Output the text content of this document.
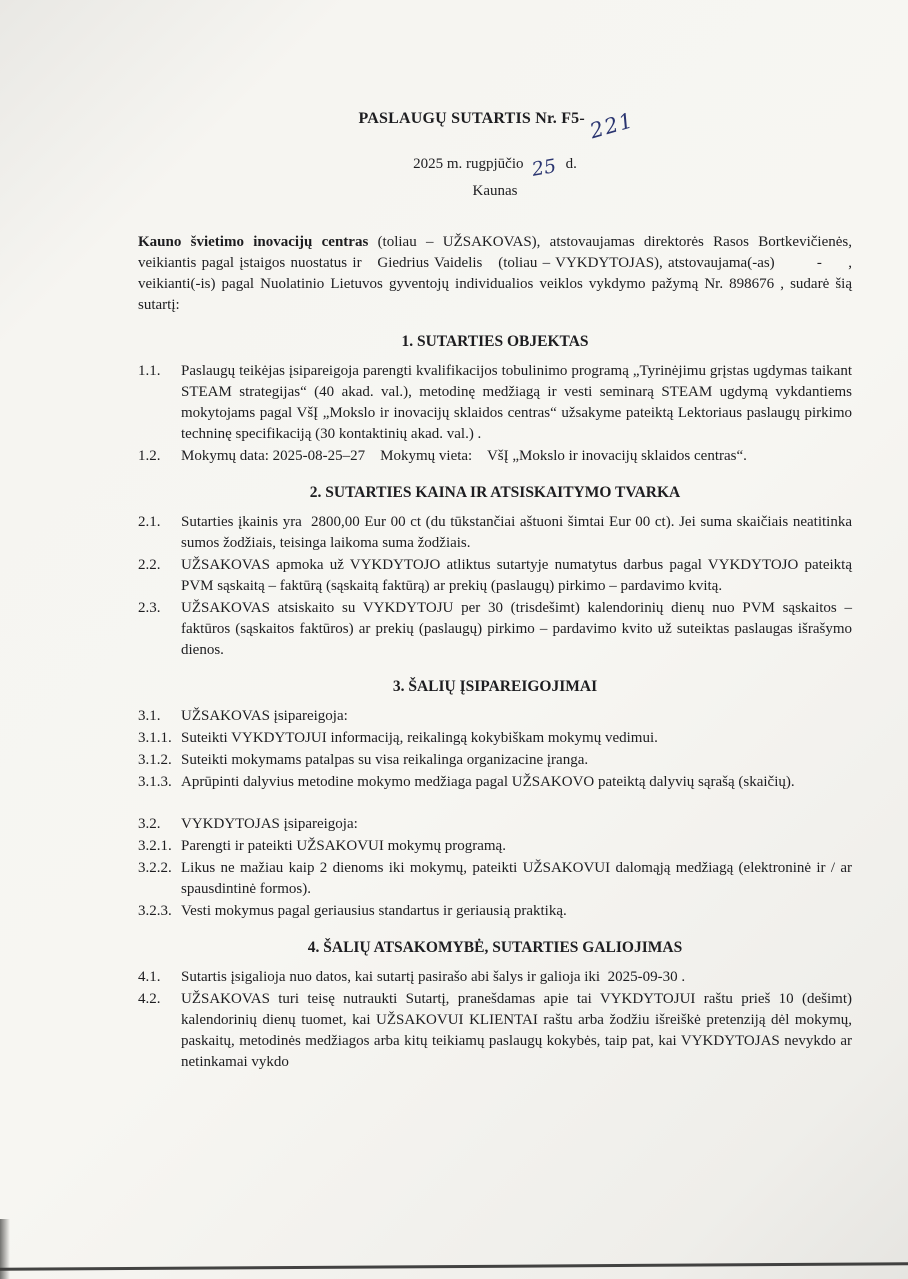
PASLAUGŲ SUTARTIS Nr. F5- 221
2025 m. rugpjūčio 25 d.
Kaunas

Kauno švietimo inovacijų centras (toliau – UŽSAKOVAS), atstovaujamas direktorės Rasos Bortkevičienės, veikiantis pagal įstaigos nuostatus ir   Giedrius Vaidelis   (toliau – VYKDYTOJAS), atstovaujama(-as)        -     , veikianti(-is) pagal Nuolatinio Lietuvos gyventojų individualios veiklos vykdymo pažymą Nr. 898676 , sudarė šią sutartį:

1. SUTARTIES OBJEKTAS
1.1.	Paslaugų teikėjas įsipareigoja parengti kvalifikacijos tobulinimo programą „Tyrinėjimu grįstas ugdymas taikant STEAM strategijas“ (40 akad. val.), metodinę medžiagą ir vesti seminarą STEAM ugdymą vykdantiems mokytojams pagal VšĮ „Mokslo ir inovacijų sklaidos centras“ užsakyme pateiktą Lektoriaus paslaugų pirkimo techninę specifikaciją (30 kontaktinių akad. val.) .
1.2.	Mokymų data: 2025-08-25–27    Mokymų vieta:    VšĮ „Mokslo ir inovacijų sklaidos centras“.
2. SUTARTIES KAINA IR ATSISKAITYMO TVARKA
2.1.	Sutarties įkainis yra  2800,00 Eur 00 ct (du tūkstančiai aštuoni šimtai Eur 00 ct). Jei suma skaičiais neatitinka sumos žodžiais, teisinga laikoma suma žodžiais.
2.2.	UŽSAKOVAS apmoka už VYKDYTOJO atliktus sutartyje numatytus darbus pagal VYKDYTOJO pateiktą PVM sąskaitą – faktūrą (sąskaitą faktūrą) ar prekių (paslaugų) pirkimo – pardavimo kvitą.
2.3.	UŽSAKOVAS atsiskaito su VYKDYTOJU per 30 (trisdešimt) kalendorinių dienų nuo PVM sąskaitos – faktūros (sąskaitos faktūros) ar prekių (paslaugų) pirkimo – pardavimo kvito už suteiktas paslaugas išrašymo dienos.
3. ŠALIŲ ĮSIPAREIGOJIMAI
3.1.	UŽSAKOVAS įsipareigoja:
3.1.1. Suteikti VYKDYTOJUI informaciją, reikalingą kokybiškam mokymų vedimui.
3.1.2. Suteikti mokymams patalpas su visa reikalinga organizacine įranga.
3.1.3. Aprūpinti dalyvius metodine mokymo medžiaga pagal UŽSAKOVO pateiktą dalyvių sąrašą (skaičių).
3.2.	VYKDYTOJAS įsipareigoja:
3.2.1. Parengti ir pateikti UŽSAKOVUI mokymų programą.
3.2.2. Likus ne mažiau kaip 2 dienoms iki mokymų, pateikti UŽSAKOVUI dalomąją medžiagą (elektroninė ir / ar spausdintinė formos).
3.2.3. Vesti mokymus pagal geriausius standartus ir geriausią praktiką.
4. ŠALIŲ ATSAKOMYBĖ, SUTARTIES GALIOJIMAS
4.1.	Sutartis įsigalioja nuo datos, kai sutartį pasirašo abi šalys ir galioja iki  2025-09-30 .
4.2.	UŽSAKOVAS turi teisę nutraukti Sutartį, pranešdamas apie tai VYKDYTOJUI raštu prieš 10 (dešimt) kalendorinių dienų tuomet, kai UŽSAKOVUI KLIENTAI raštu arba žodžiu išreiškė pretenziją dėl mokymų, paskaitų, metodinės medžiagos arba kitų teikiamų paslaugų kokybės, taip pat, kai VYKDYTOJAS nevykdo ar netinkamai vykdo
